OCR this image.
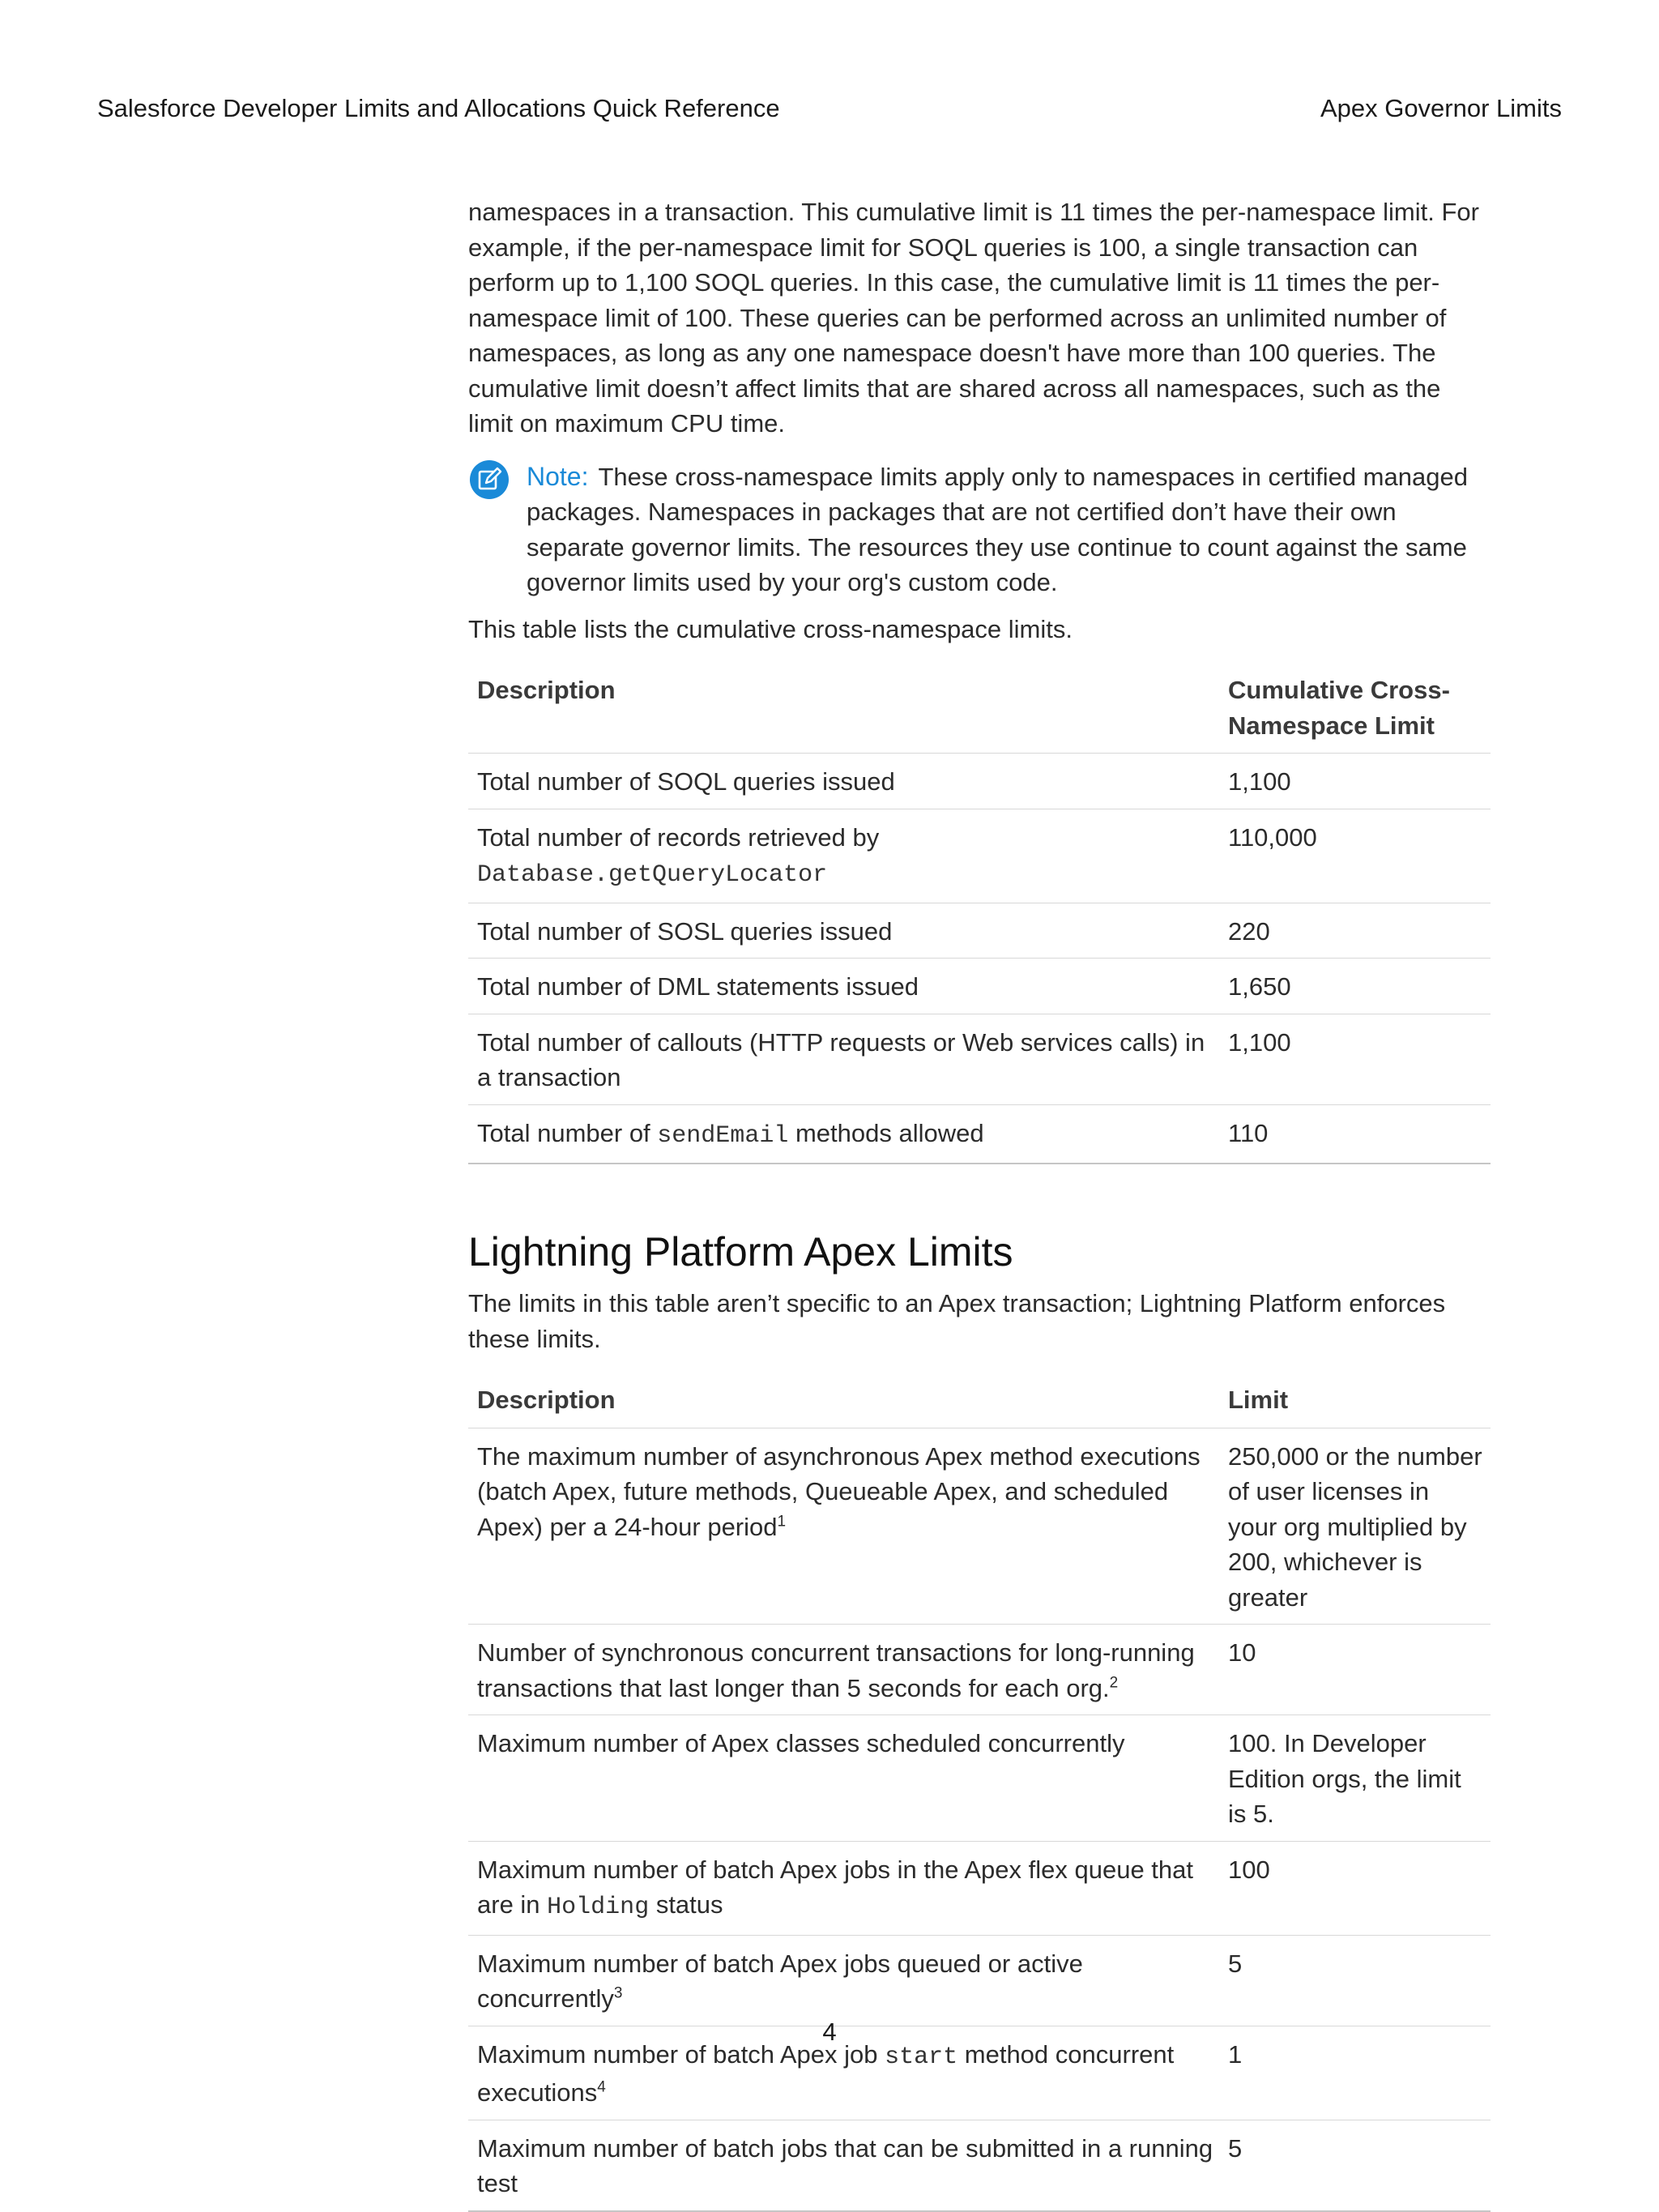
Salesforce Developer Limits and Allocations Quick Reference	Apex Governor Limits

namespaces in a transaction. This cumulative limit is 11 times the per-namespace limit. For example, if the per-namespace limit for SOQL queries is 100, a single transaction can perform up to 1,100 SOQL queries. In this case, the cumulative limit is 11 times the per-namespace limit of 100. These queries can be performed across an unlimited number of namespaces, as long as any one namespace doesn't have more than 100 queries. The cumulative limit doesn’t affect limits that are shared across all namespaces, such as the limit on maximum CPU time.

Note: These cross-namespace limits apply only to namespaces in certified managed packages. Namespaces in packages that are not certified don’t have their own separate governor limits. The resources they use continue to count against the same governor limits used by your org's custom code.

This table lists the cumulative cross-namespace limits.

Description	Cumulative Cross-Namespace Limit
Total number of SOQL queries issued	1,100
Total number of records retrieved by Database.getQueryLocator	110,000
Total number of SOSL queries issued	220
Total number of DML statements issued	1,650
Total number of callouts (HTTP requests or Web services calls) in a transaction	1,100
Total number of sendEmail methods allowed	110
Lightning Platform Apex Limits

The limits in this table aren’t specific to an Apex transaction; Lightning Platform enforces these limits.

Description	Limit
The maximum number of asynchronous Apex method executions (batch Apex, future methods, Queueable Apex, and scheduled Apex) per a 24-hour period$^1$	250,000 or the number of user licenses in your org multiplied by 200, whichever is greater
Number of synchronous concurrent transactions for long-running transactions that last longer than 5 seconds for each org.$^2$	10
Maximum number of Apex classes scheduled concurrently	100. In Developer Edition orgs, the limit is 5.
Maximum number of batch Apex jobs in the Apex flex queue that are in Holding status	100
Maximum number of batch Apex jobs queued or active concurrently$^3$	5
Maximum number of batch Apex job start method concurrent executions$^4$	1
Maximum number of batch jobs that can be submitted in a running test	5
4
